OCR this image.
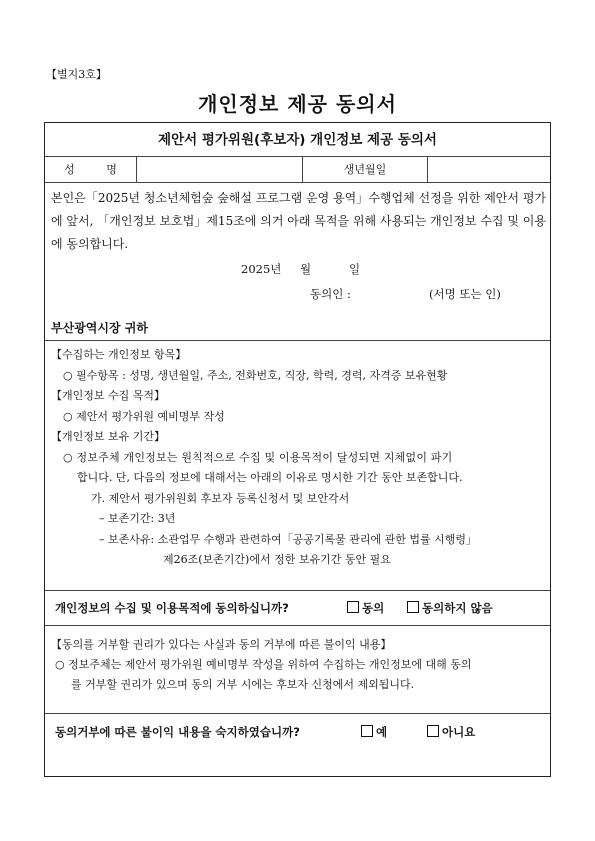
【별지3호】
개인정보 제공 동의서
제안서 평가위원(후보자) 개인정보 제공 동의서
성 명	생년월일
본인은「2025년 청소년체험숲 숲해설 프로그램 운영 용역」수행업체 선정을 위한 제안서 평가에 앞서, 「개인정보 보호법」제15조에 의거 아래 목적을 위해 사용되는 개인정보 수집 및 이용에 동의합니다.
2025년 월	일
동의인 :	(서명 또는 인)
부산광역시장 귀하
【수집하는 개인정보 항목】
○ 필수항목 : 성명, 생년월일, 주소, 전화번호, 직장, 학력, 경력, 자격증 보유현황
【개인정보 수집 목적】
○ 제안서 평가위원 예비명부 작성
【개인정보 보유 기간】
○ 정보주체 개인정보는 원칙적으로 수집 및 이용목적이 달성되면 지체없이 파기
합니다. 단, 다음의 정보에 대해서는 아래의 이유로 명시한 기간 동안 보존합니다.
가. 제안서 평가위원회 후보자 등록신청서 및 보안각서
– 보존기간: 3년
– 보존사유: 소관업무 수행과 관련하여「공공기록물 관리에 관한 법률 시행령」
제26조(보존기간)에서 정한 보유기간 동안 필요
개인정보의 수집 및 이용목적에 동의하십니까?	동의	동의하지 않음
【동의를 거부할 권리가 있다는 사실과 동의 거부에 따른 불이익 내용】
○ 정보주체는 제안서 평가위원 예비명부 작성을 위하여 수집하는 개인정보에 대해 동의
를 거부할 권리가 있으며 동의 거부 시에는 후보자 신청에서 제외됩니다.
동의거부에 따른 불이익 내용을 숙지하였습니까?	예	아니요
